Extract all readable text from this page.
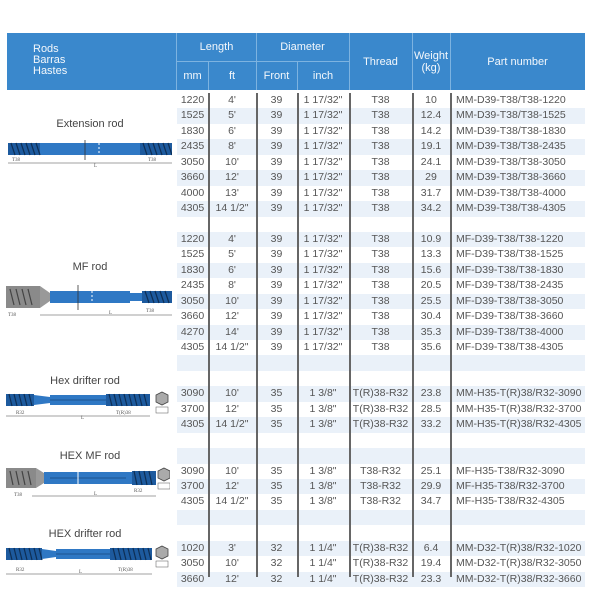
Rods
Barras
Hastes
Length
mm	ft
Diameter
Front	inch
Thread	Weight
(kg)	Part number
1220	4'	39	1 17/32"	T38	10	MM-D39-T38/T38-1220
1525	5'	39	1 17/32"	T38	12.4	MM-D39-T38/T38-1525
1830	6'	39	1 17/32"	T38	14.2	MM-D39-T38/T38-1830
2435	8'	39	1 17/32"	T38	19.1	MM-D39-T38/T38-2435
3050	10'	39	1 17/32"	T38	24.1	MM-D39-T38/T38-3050
3660	12'	39	1 17/32"	T38	29	MM-D39-T38/T38-3660
4000	13'	39	1 17/32"	T38	31.7	MM-D39-T38/T38-4000
4305	14 1/2"	39	1 17/32"	T38	34.2	MM-D39-T38/T38-4305
1220	4'	39	1 17/32"	T38	10.9	MF-D39-T38/T38-1220
1525	5'	39	1 17/32"	T38	13.3	MF-D39-T38/T38-1525
1830	6'	39	1 17/32"	T38	15.6	MF-D39-T38/T38-1830
2435	8'	39	1 17/32"	T38	20.5	MF-D39-T38/T38-2435
3050	10'	39	1 17/32"	T38	25.5	MF-D39-T38/T38-3050
3660	12'	39	1 17/32"	T38	30.4	MF-D39-T38/T38-3660
4270	14'	39	1 17/32"	T38	35.3	MF-D39-T38/T38-4000
4305	14 1/2"	39	1 17/32"	T38	35.6	MF-D39-T38/T38-4305
3090	10'	35	1 3/8"	T(R)38-R32	23.8	MM-H35-T(R)38/R32-3090
3700	12'	35	1 3/8"	T(R)38-R32	28.5	MM-H35-T(R)38/R32-3700
4305	14 1/2"	35	1 3/8"	T(R)38-R32	33.2	MM-H35-T(R)38/R32-4305
3090	10'	35	1 3/8"	T38-R32	25.1	MF-H35-T38/R32-3090
3700	12'	35	1 3/8"	T38-R32	29.9	MF-H35-T38/R32-3700
4305	14 1/2"	35	1 3/8"	T38-R32	34.7	MF-H35-T38/R32-4305
1020	3'	32	1 1/4"	T(R)38-R32	6.4	MM-D32-T(R)38/R32-1020
3050	10'	32	1 1/4"	T(R)38-R32	19.4	MM-D32-T(R)38/R32-3050
3660	12'	32	1 1/4"	T(R)38-R32	23.3	MM-D32-T(R)38/R32-3660
Extension rod
T38
L
T38
MF rod
T38	L	T38
Hex drifter rod
R32
L
T(R)38
HEX MF rod
T38	L
R32
HEX drifter rod
R32	L	T(R)38
